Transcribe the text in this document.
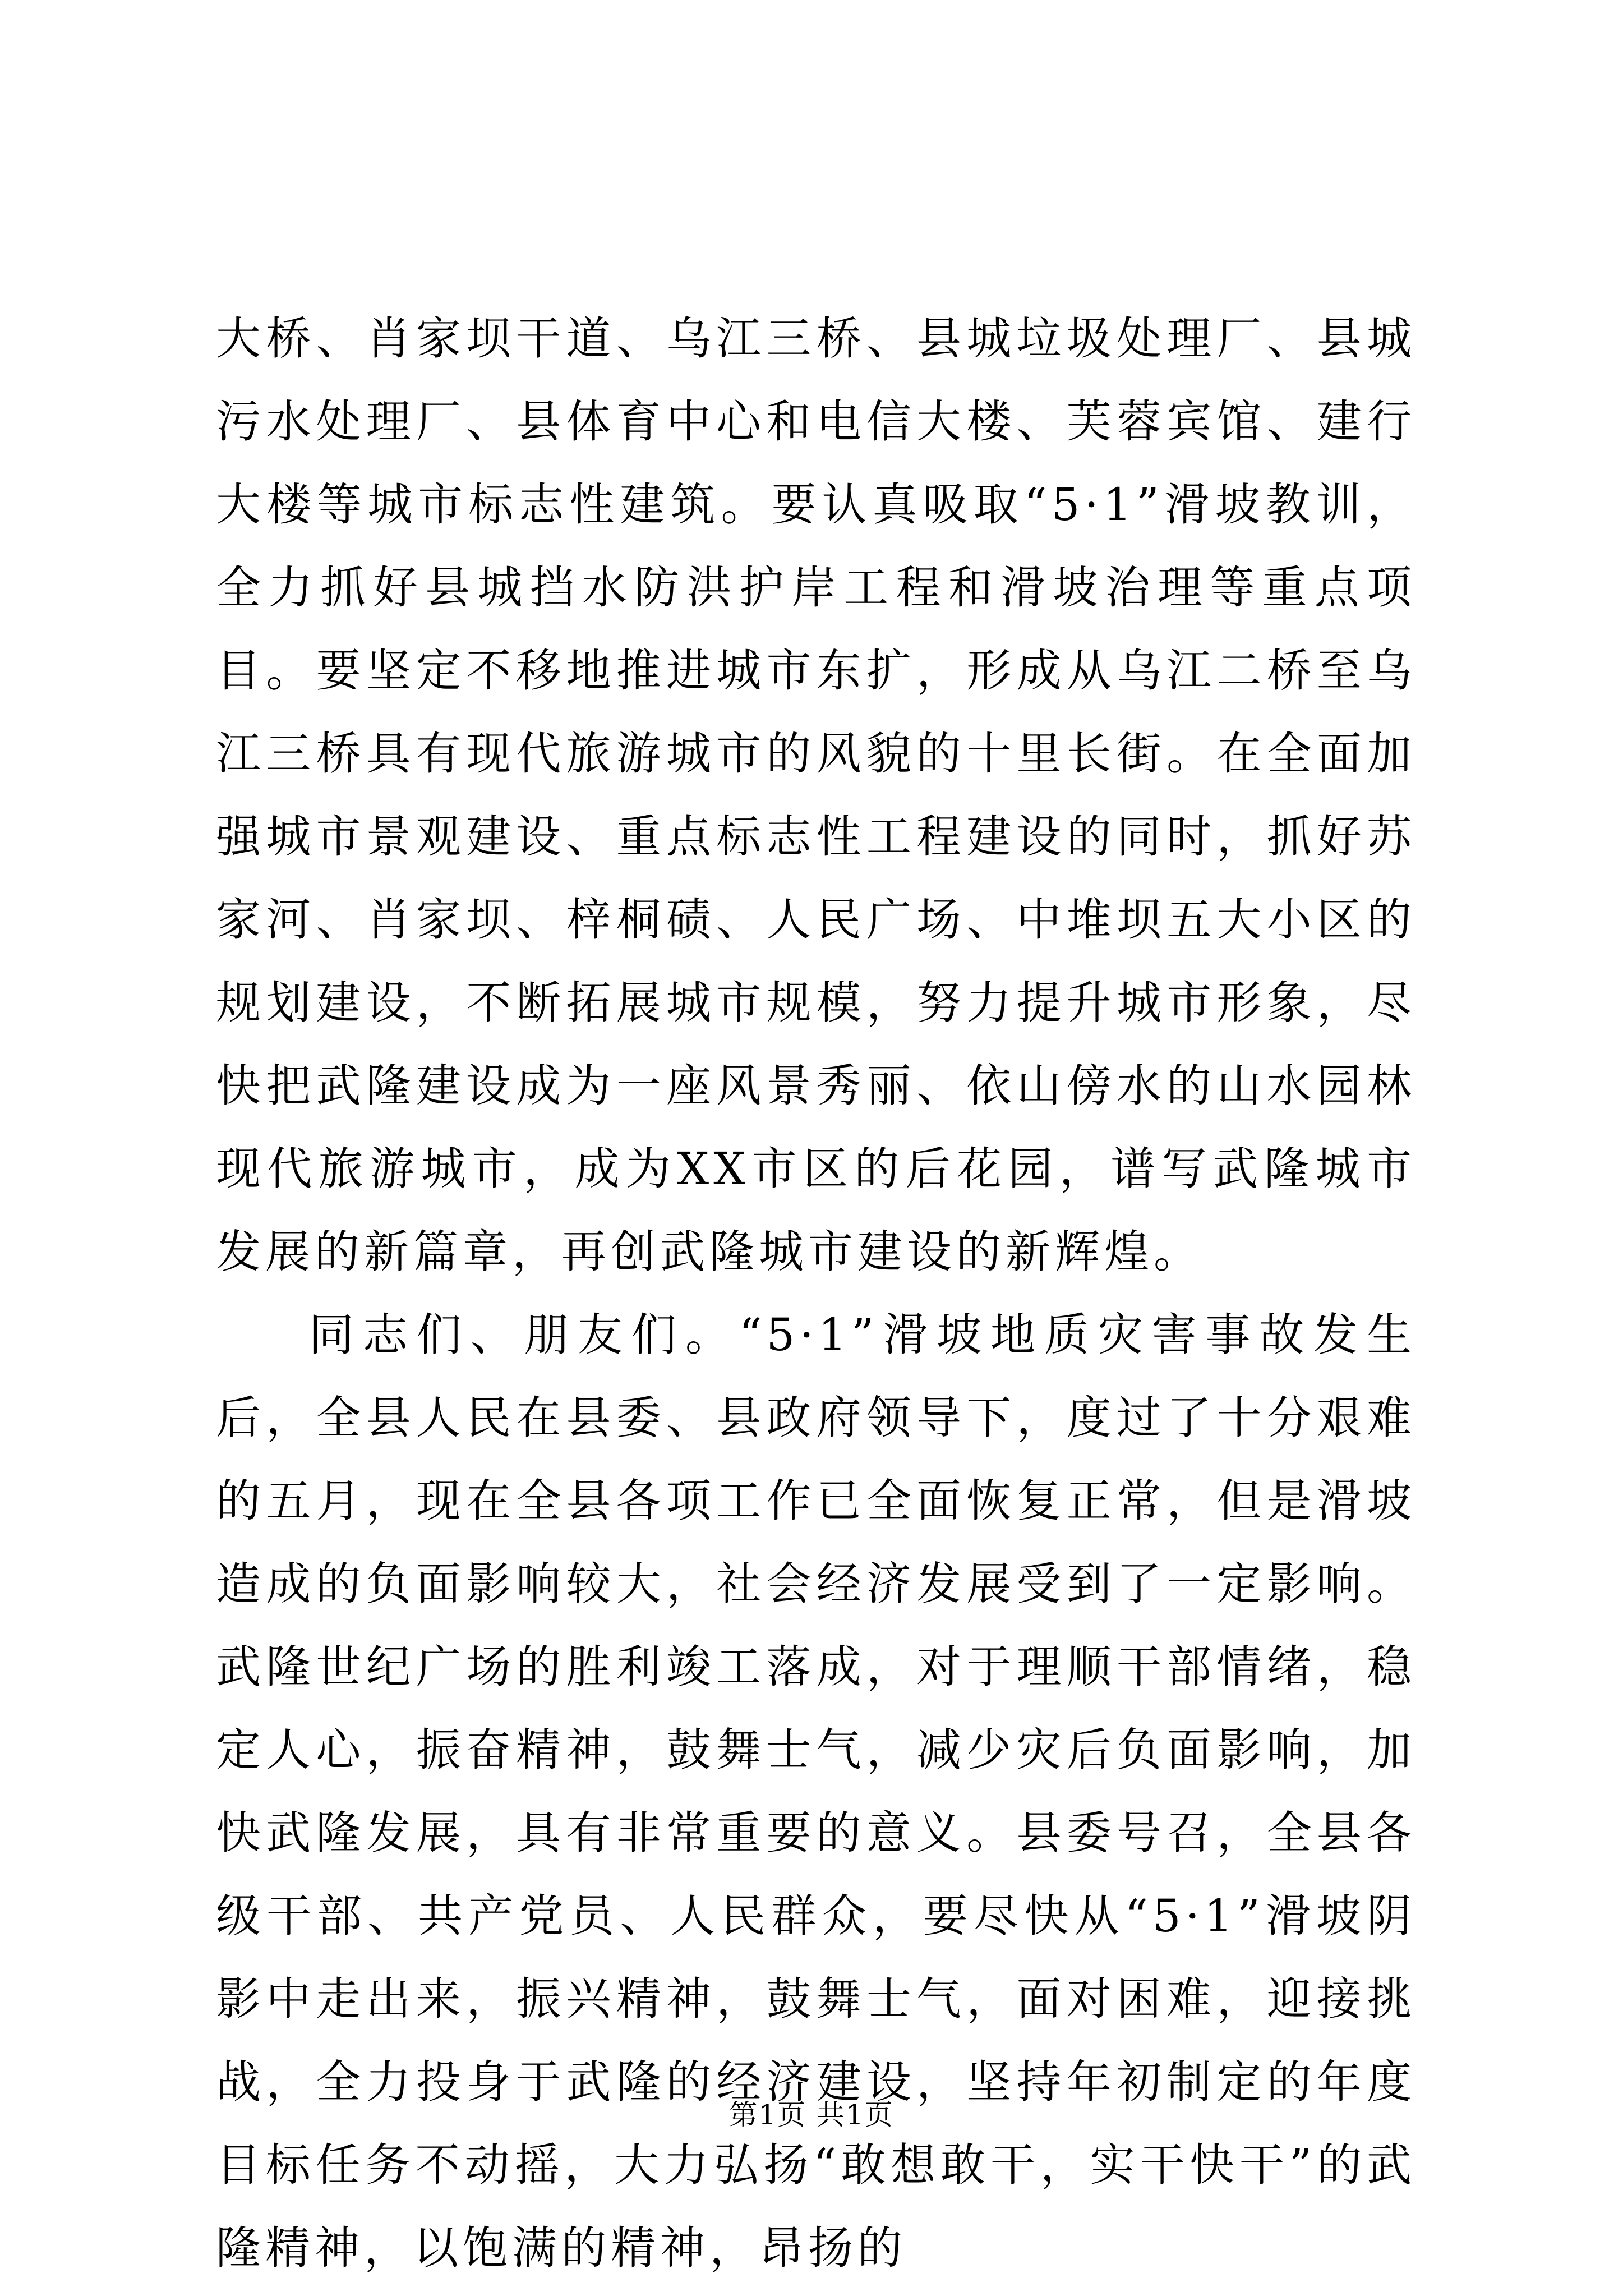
大桥、肖家坝干道、乌江三桥、县城垃圾处理厂、县城污水处理厂、县体育中心和电信大楼、芙蓉宾馆、建行大楼等城市标志性建筑。要认真吸取“5·1”滑坡教训，全力抓好县城挡水防洪护岸工程和滑坡治理等重点项目。要坚定不移地推进城市东扩，形成从乌江二桥至乌江三桥具有现代旅游城市的风貌的十里长街。在全面加强城市景观建设、重点标志性工程建设的同时，抓好苏家河、肖家坝、梓桐碛、人民广场、中堆坝五大小区的规划建设，不断拓展城市规模，努力提升城市形象，尽快把武隆建设成为一座风景秀丽、依山傍水的山水园林现代旅游城市，成为XX市区的后花园，谱写武隆城市发展的新篇章，再创武隆城市建设的新辉煌。

同志们、朋友们。“5·1”滑坡地质灾害事故发生后，全县人民在县委、县政府领导下，度过了十分艰难的五月，现在全县各项工作已全面恢复正常，但是滑坡造成的负面影响较大，社会经济发展受到了一定影响。武隆世纪广场的胜利竣工落成，对于理顺干部情绪，稳定人心，振奋精神，鼓舞士气，减少灾后负面影响，加快武隆发展，具有非常重要的意义。县委号召，全县各级干部、共产党员、人民群众，要尽快从“5·1”滑坡阴影中走出来，振兴精神，鼓舞士气，面对困难，迎接挑战，全力投身于武隆的经济建设，坚持年初制定的年度目标任务不动摇，大力弘扬“敢想敢干，实干快干”的武隆精神，以饱满的精神，昂扬的

第1页 共1页
